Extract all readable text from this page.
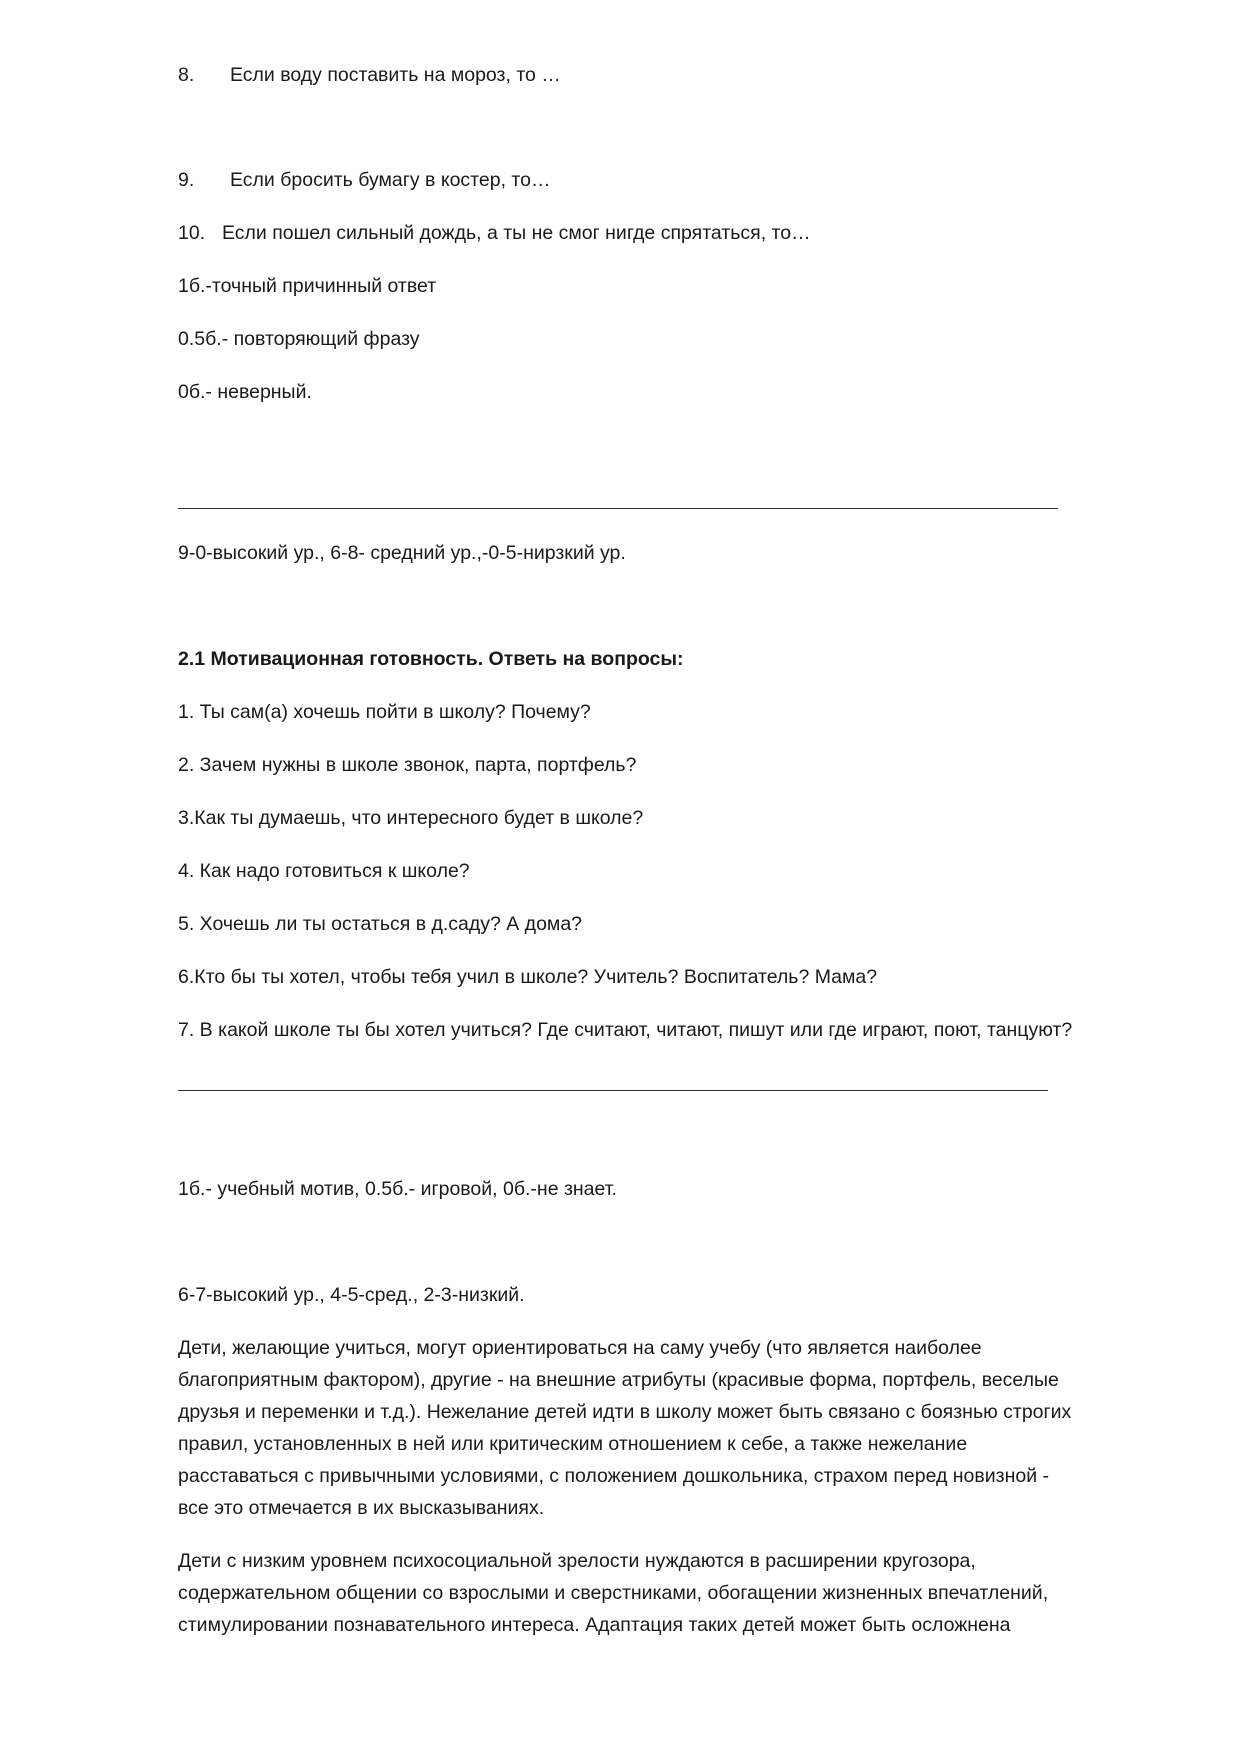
8. Если воду поставить на мороз, то …
9. Если бросить бумагу в костер, то…
10. Если пошел сильный дождь, а ты не смог нигде спрятаться, то…
1б.-точный причинный ответ
0.5б.- повторяющий фразу
0б.- неверный.
9-0-высокий ур., 6-8- средний ур.,-0-5-нирзкий ур.
2.1 Мотивационная готовность. Ответь на вопросы:
1. Ты сам(а) хочешь пойти в школу? Почему?
2. Зачем нужны в школе звонок, парта, портфель?
3.Как ты думаешь, что интересного будет в школе?
4. Как надо готовиться к школе?
5. Хочешь ли ты остаться в д.саду? А дома?
6.Кто бы ты хотел, чтобы тебя учил в школе? Учитель? Воспитатель? Мама?
7. В какой школе ты бы хотел учиться? Где считают, читают, пишут или где играют, поют, танцуют?
1б.- учебный мотив, 0.5б.- игровой, 0б.-не знает.
6-7-высокий ур., 4-5-сред., 2-3-низкий.
Дети, желающие учиться, могут ориентироваться на саму учебу (что является наиболее
благоприятным фактором), другие - на внешние атрибуты (красивые форма, портфель, веселые
друзья и переменки и т.д.). Нежелание детей идти в школу может быть связано с боязнью строгих
правил, установленных в ней или критическим отношением к себе, а также нежелание
расставаться с привычными условиями, с положением дошкольника, страхом перед новизной -
все это отмечается в их высказываниях.
Дети с низким уровнем психосоциальной зрелости нуждаются в расширении кругозора,
содержательном общении со взрослыми и сверстниками, обогащении жизненных впечатлений,
стимулировании познавательного интереса. Адаптация таких детей может быть осложнена
